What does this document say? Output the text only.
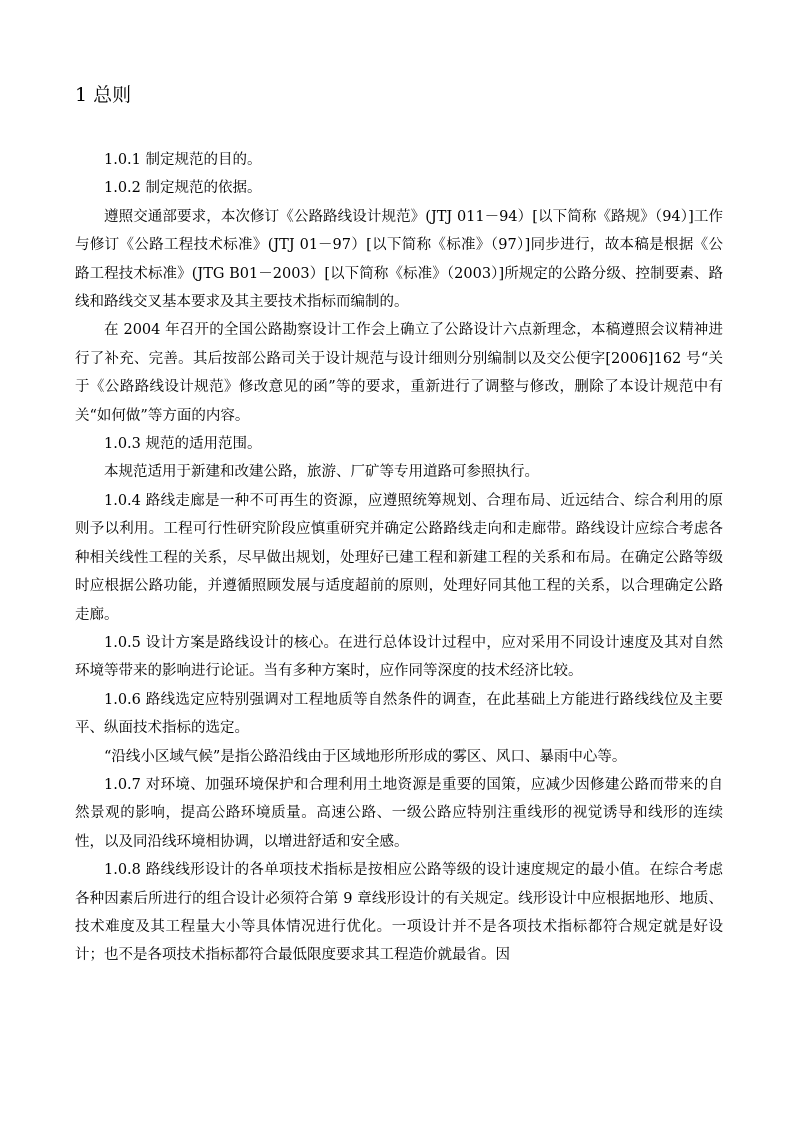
1 总则

1.0.1 制定规范的目的。

1.0.2 制定规范的依据。

遵照交通部要求，本次修订《公路路线设计规范》(JTJ 011－94）[以下简称《路规》（94）]工作与修订《公路工程技术标准》(JTJ 01－97）[以下简称《标准》（97）]同步进行，故本稿是根据《公路工程技术标准》(JTG B01－2003）[以下简称《标准》（2003）]所规定的公路分级、控制要素、路线和路线交叉基本要求及其主要技术指标而编制的。

在 2004 年召开的全国公路勘察设计工作会上确立了公路设计六点新理念，本稿遵照会议精神进行了补充、完善。其后按部公路司关于设计规范与设计细则分别编制以及交公便字[2006]162 号“关于《公路路线设计规范》修改意见的函”等的要求，重新进行了调整与修改，删除了本设计规范中有关“如何做”等方面的内容。

1.0.3 规范的适用范围。

本规范适用于新建和改建公路，旅游、厂矿等专用道路可参照执行。

1.0.4 路线走廊是一种不可再生的资源，应遵照统筹规划、合理布局、近远结合、综合利用的原则予以利用。工程可行性研究阶段应慎重研究并确定公路路线走向和走廊带。路线设计应综合考虑各种相关线性工程的关系，尽早做出规划，处理好已建工程和新建工程的关系和布局。在确定公路等级时应根据公路功能，并遵循照顾发展与适度超前的原则，处理好同其他工程的关系，以合理确定公路走廊。

1.0.5 设计方案是路线设计的核心。在进行总体设计过程中，应对采用不同设计速度及其对自然环境等带来的影响进行论证。当有多种方案时，应作同等深度的技术经济比较。

1.0.6 路线选定应特别强调对工程地质等自然条件的调查，在此基础上方能进行路线线位及主要平、纵面技术指标的选定。

“沿线小区域气候”是指公路沿线由于区域地形所形成的雾区、风口、暴雨中心等。

1.0.7 对环境、加强环境保护和合理利用土地资源是重要的国策，应减少因修建公路而带来的自然景观的影响，提高公路环境质量。高速公路、一级公路应特别注重线形的视觉诱导和线形的连续性，以及同沿线环境相协调，以增进舒适和安全感。

1.0.8 路线线形设计的各单项技术指标是按相应公路等级的设计速度规定的最小值。在综合考虑各种因素后所进行的组合设计必须符合第 9 章线形设计的有关规定。线形设计中应根据地形、地质、技术难度及其工程量大小等具体情况进行优化。一项设计并不是各项技术指标都符合规定就是好设计；也不是各项技术指标都符合最低限度要求其工程造价就最省。因
